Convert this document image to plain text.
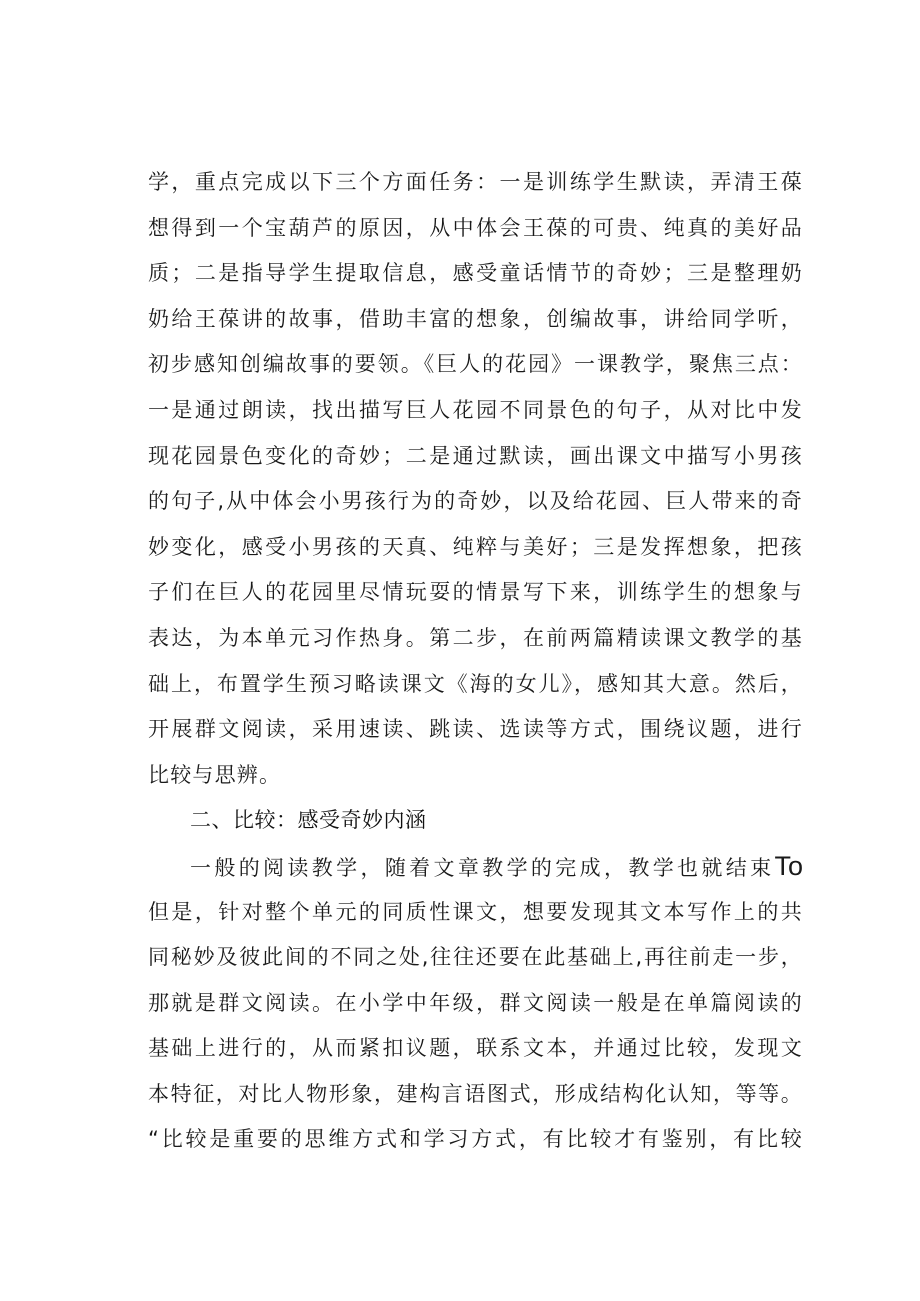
学，重点完成以下三个方面任务：一是训练学生默读，弄清王葆
想得到一个宝葫芦的原因，从中体会王葆的可贵、纯真的美好品
质；二是指导学生提取信息，感受童话情节的奇妙；三是整理奶
奶给王葆讲的故事，借助丰富的想象，创编故事，讲给同学听，
初步感知创编故事的要领。《巨人的花园》一课教学，聚焦三点：
一是通过朗读，找出描写巨人花园不同景色的句子，从对比中发
现花园景色变化的奇妙；二是通过默读，画出课文中描写小男孩
的句子,从中体会小男孩行为的奇妙，以及给花园、巨人带来的奇
妙变化，感受小男孩的天真、纯粹与美好；三是发挥想象，把孩
子们在巨人的花园里尽情玩耍的情景写下来，训练学生的想象与
表达，为本单元习作热身。第二步，在前两篇精读课文教学的基
础上，布置学生预习略读课文《海的女儿》，感知其大意。然后，
开展群文阅读，采用速读、跳读、选读等方式，围绕议题，进行
比较与思辨。
二、比较：感受奇妙内涵
一般的阅读教学，随着文章教学的完成，教学也就结束To
但是，针对整个单元的同质性课文，想要发现其文本写作上的共
同秘妙及彼此间的不同之处,往往还要在此基础上,再往前走一步，
那就是群文阅读。在小学中年级，群文阅读一般是在单篇阅读的
基础上进行的，从而紧扣议题，联系文本，并通过比较，发现文
本特征，对比人物形象，建构言语图式，形成结构化认知，等等。
“比较是重要的思维方式和学习方式，有比较才有鉴别，有比较
